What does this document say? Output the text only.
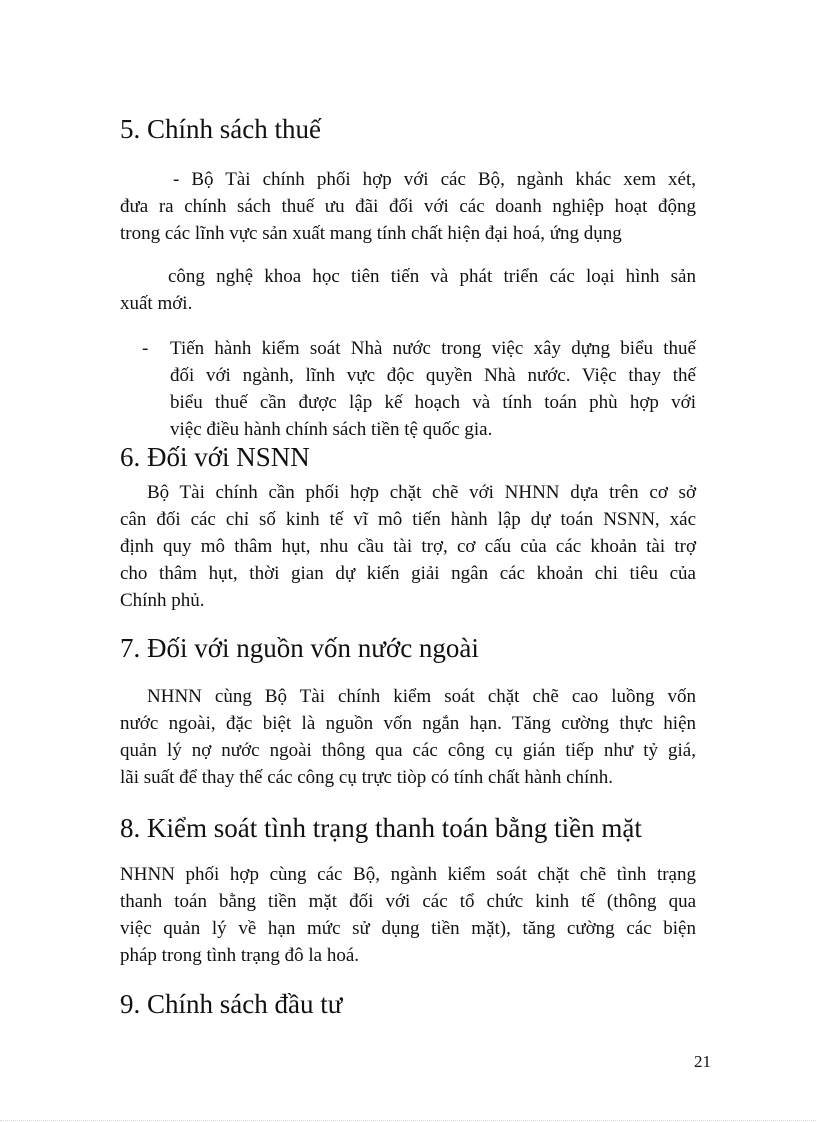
5. Chính sách thuế
- Bộ Tài chính phối hợp với các Bộ, ngành khác xem xét,
đưa ra chính sách thuế ưu đãi đối với các doanh nghiệp hoạt động
trong các lĩnh vực sản xuất mang tính chất hiện đại hoá, ứng dụng
công nghệ khoa học tiên tiến và phát triển các loại hình sản
xuất mới.
- Tiến hành kiểm soát Nhà nước trong việc xây dựng biểu thuế
đối với ngành, lĩnh vực độc quyền Nhà nước. Việc thay thế
biểu thuế cần được lập kế hoạch và tính toán phù hợp với
việc điều hành chính sách tiền tệ quốc gia.
6. Đối với NSNN
Bộ Tài chính cần phối hợp chặt chẽ với NHNN dựa trên cơ sở
cân đối các chỉ số kinh tế vĩ mô tiến hành lập dự toán NSNN, xác
định quy mô thâm hụt, nhu cầu tài trợ, cơ cấu của các khoản tài trợ
cho thâm hụt, thời gian dự kiến giải ngân các khoản chi tiêu của
Chính phủ.
7. Đối với nguồn vốn nước ngoài
NHNN cùng Bộ Tài chính kiểm soát chặt chẽ cao luồng vốn
nước ngoài, đặc biệt là nguồn vốn ngắn hạn. Tăng cường thực hiện
quản lý nợ nước ngoài thông qua các công cụ gián tiếp như tỷ giá,
lãi suất để thay thế các công cụ trực tiòp có tính chất hành chính.
8. Kiểm soát tình trạng thanh toán bằng tiền mặt
NHNN phối hợp cùng các Bộ, ngành kiểm soát chặt chẽ tình trạng
thanh toán bằng tiền mặt đối với các tổ chức kinh tế (thông qua
việc quản lý về hạn mức sử dụng tiền mặt), tăng cường các biện
pháp trong tình trạng đô la hoá.
9. Chính sách đầu tư
21
